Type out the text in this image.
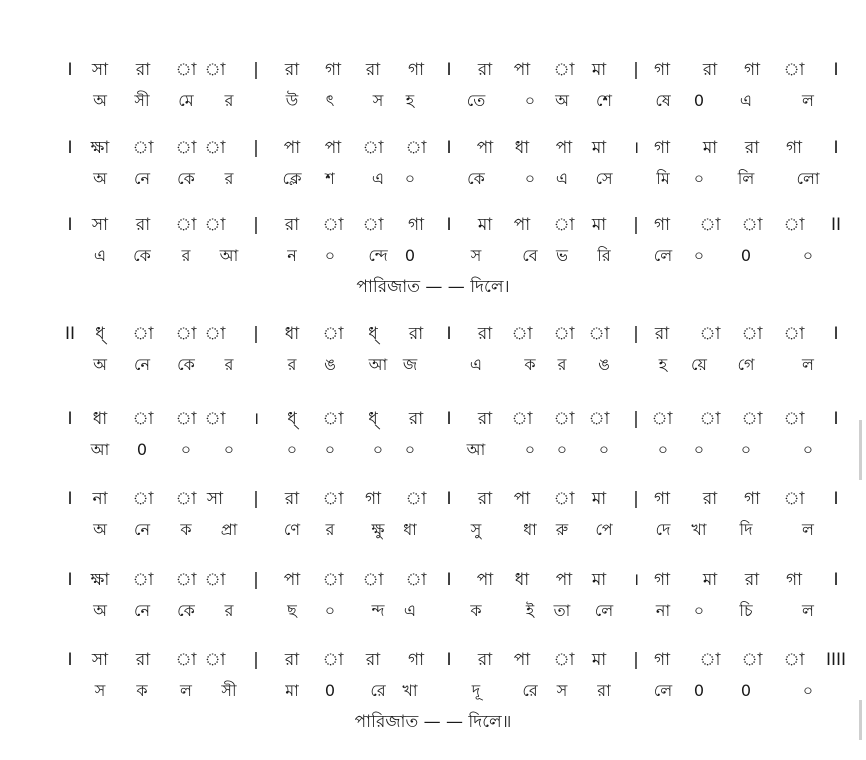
I সা রা া া | রা গা রা গা I রা পা া মা | গা রা গা া I
অ সী মে র	উ ৎ স হ	তে ০ অ শে	ষে 0 এ	ল
I ক্ষা া া া | পা পা া া I পা ধা পা মা । গা মা রা গা I
অ নে কে র	ক্লে শ এ ০	কে ০ এ সে	মি ০ লি	লো
I সা রা া া | রা া া গা I মা পা া মা | গা া া া II
এ কে র আ	ন ০ ন্দে 0	স	বে ভ রি	লে ০ 0	০
পারিজাত — — দিলে।
II ধ্ া া া | ধা া ধ্ রা I রা া া া | রা া া া I
অ নে কে র	র ঙ আ জ	এ	ক র ঙ	হ য়ে গে	ল
I ধা া া া । ধ্ া ধ্ রা I রা া া া | া া া া I
আ 0 ০ ০	০ ০ ০ ০	আ ০ ০ ০	০ ০ ০	০
I না া া সা | রা া গা া I রা পা া মা | গা রা গা া I
অ নে ক প্রা	ণে র ক্ষু ধা	সু	ধা রু পে	দে খা দি	ল
I ক্ষা া া া | পা া া া I পা ধা পা মা । গা মা রা গা I
অ নে কে র	ছ ০ ন্দ এ	ক	ই তা লে	না ০ চি	ল
I সা রা া া | রা া রা গা I রা পা া মা | গা া া া IIII
স ক ল সী	মা 0 রে খা	দূ	রে স রা	লে 0 0	০
পারিজাত — — দিলে॥
